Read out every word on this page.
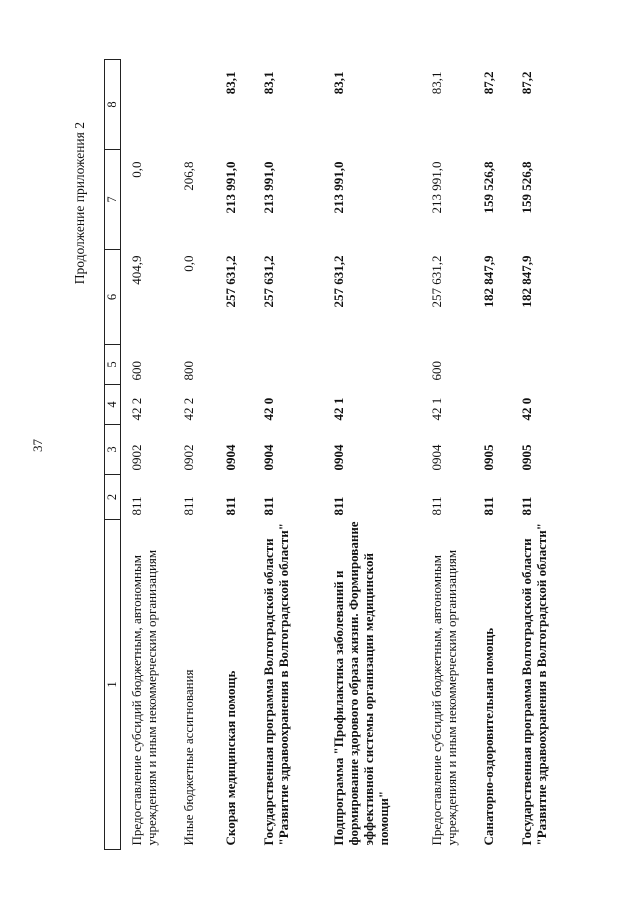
37
Продолжение приложения 2
1	2	3	4	5	6	7	8

Предоставление субсидий бюджетным, автономным учреждениям и иным некоммерческим организациям	811	0902	42 2	600	404,9	0,0	
Иные бюджетные ассигнования	811	0902	42 2	800	0,0	206,8	
Скорая медицинская помощь	811	0904			257 631,2	213 991,0	83,1
Государственная программа Волгоградской области "Развитие здравоохранения в Волгоградской области"	811	0904	42 0		257 631,2	213 991,0	83,1
Подпрограмма "Профилактика заболеваний и формирование здорового образа жизни. Формирование эффективной системы организации медицинской помощи"	811	0904	42 1		257 631,2	213 991,0	83,1
Предоставление субсидий бюджетным, автономным учреждениям и иным некоммерческим организациям	811	0904	42 1	600	257 631,2	213 991,0	83,1
Санаторно-оздоровительная помощь	811	0905			182 847,9	159 526,8	87,2
Государственная программа Волгоградской области "Развитие здравоохранения в Волгоградской области"	811	0905	42 0		182 847,9	159 526,8	87,2
